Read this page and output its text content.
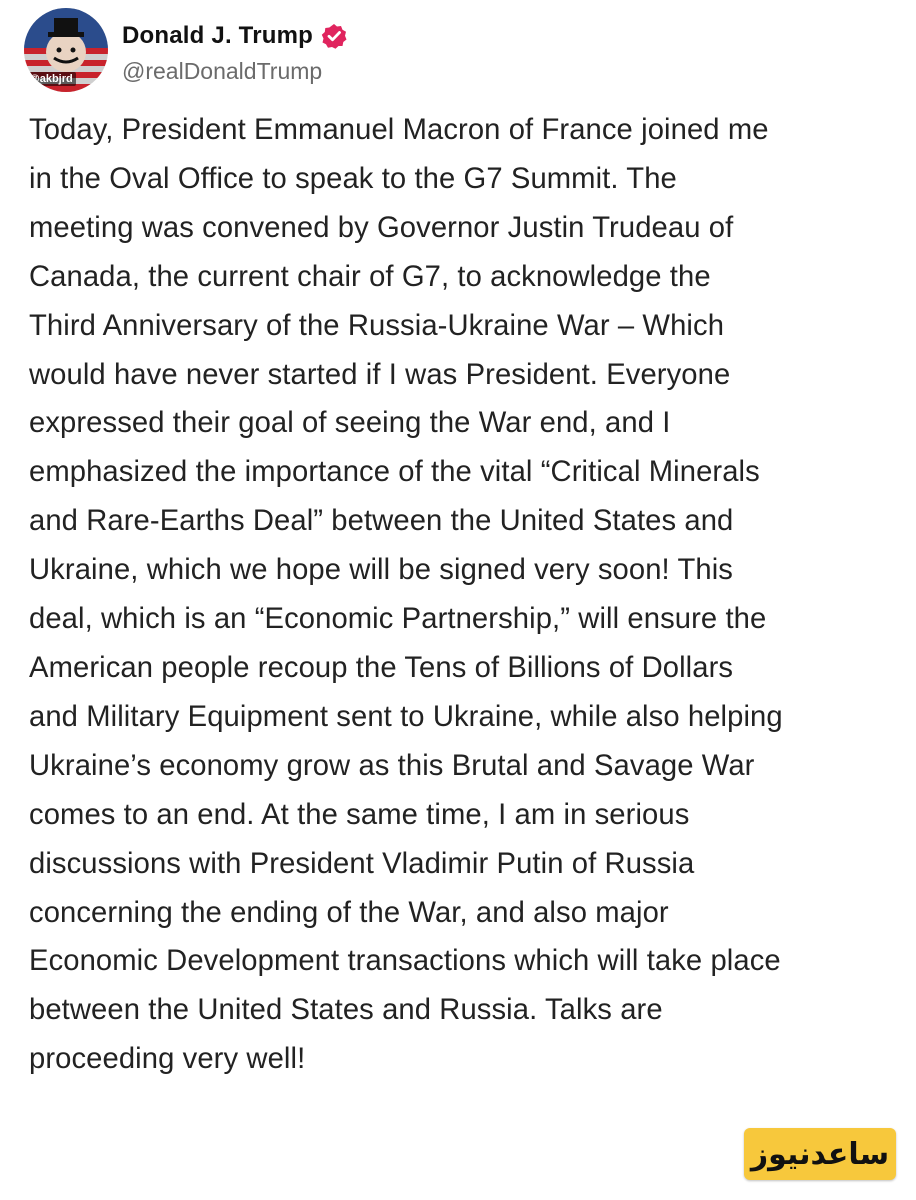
@akbjrd
Donald J. Trump
@realDonaldTrump
Today, President Emmanuel Macron of France joined me
in the Oval Office to speak to the G7 Summit. The
meeting was convened by Governor Justin Trudeau of
Canada, the current chair of G7, to acknowledge the
Third Anniversary of the Russia-Ukraine War – Which
would have never started if I was President. Everyone
expressed their goal of seeing the War end, and I
emphasized the importance of the vital “Critical Minerals
and Rare-Earths Deal” between the United States and
Ukraine, which we hope will be signed very soon! This
deal, which is an “Economic Partnership,” will ensure the
American people recoup the Tens of Billions of Dollars
and Military Equipment sent to Ukraine, while also helping
Ukraine’s economy grow as this Brutal and Savage War
comes to an end. At the same time, I am in serious
discussions with President Vladimir Putin of Russia
concerning the ending of the War, and also major
Economic Development transactions which will take place
between the United States and Russia. Talks are
proceeding very well!
ساعدنیوز
